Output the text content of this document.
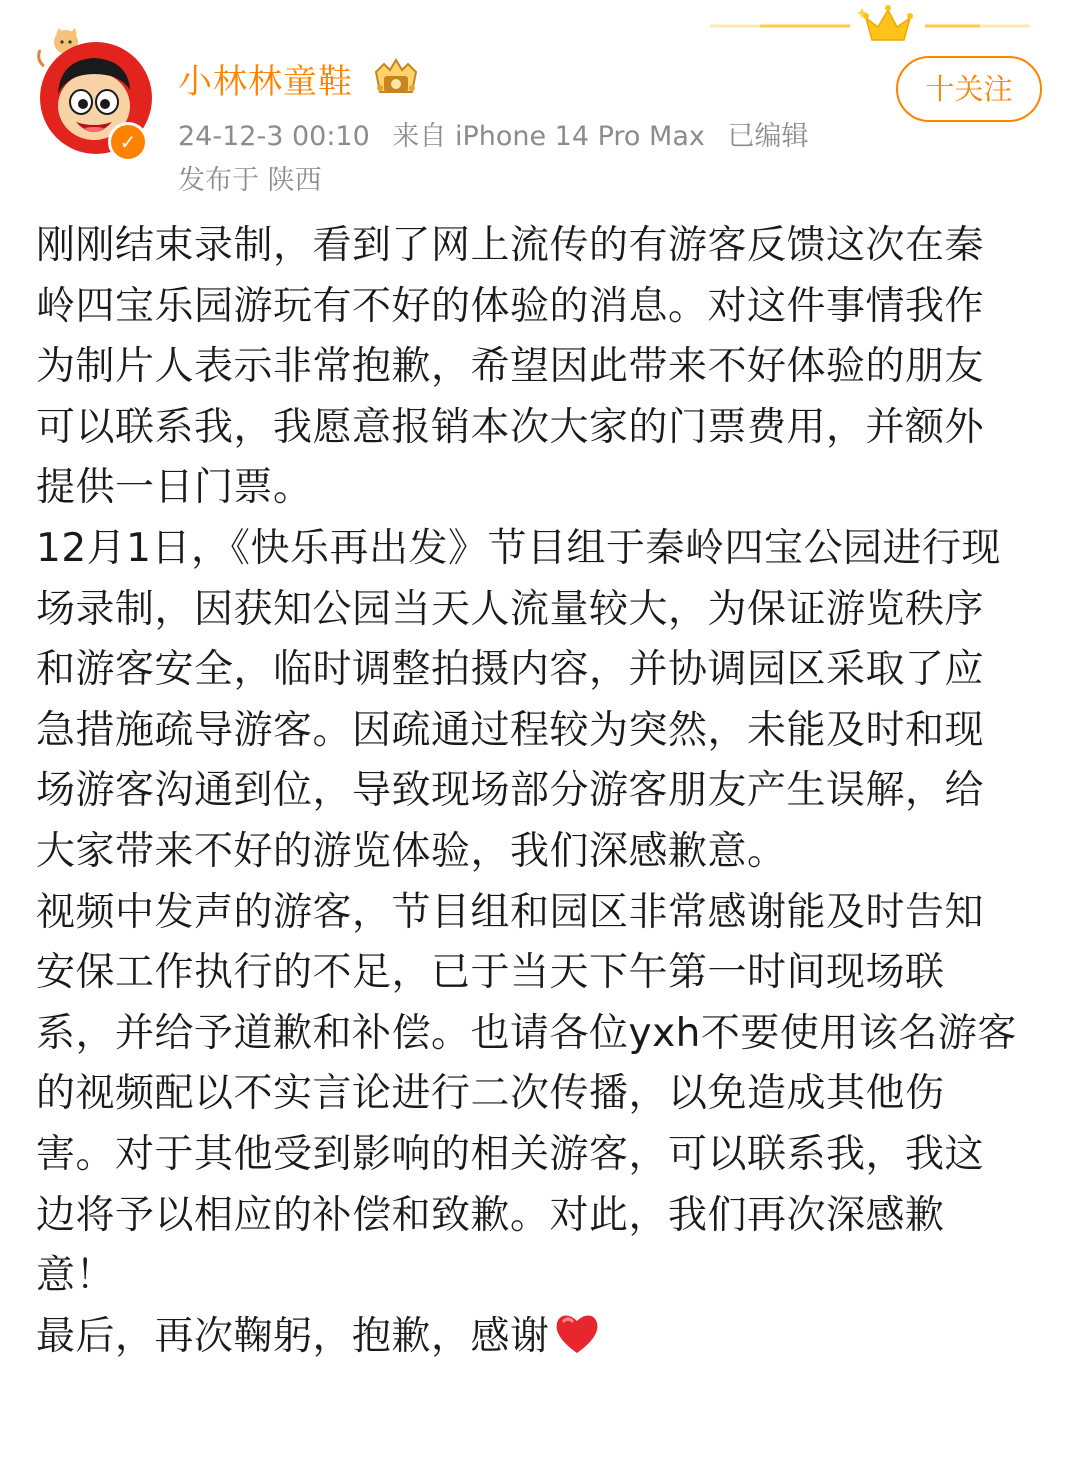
✓
小林林童鞋
24-12-3 00:10 来自 iPhone 14 Pro Max 已编辑
发布于 陕西
十关注

刚刚结束录制，看到了网上流传的有游客反馈这次在秦岭四宝乐园游玩有不好的体验的消息。对这件事情我作为制片人表示非常抱歉，希望因此带来不好体验的朋友可以联系我，我愿意报销本次大家的门票费用，并额外提供一日门票。

12月1日，《快乐再出发》节目组于秦岭四宝公园进行现场录制，因获知公园当天人流量较大，为保证游览秩序和游客安全，临时调整拍摄内容，并协调园区采取了应急措施疏导游客。因疏通过程较为突然，未能及时和现场游客沟通到位，导致现场部分游客朋友产生误解，给大家带来不好的游览体验，我们深感歉意。

视频中发声的游客，节目组和园区非常感谢能及时告知安保工作执行的不足，已于当天下午第一时间现场联系，并给予道歉和补偿。也请各位yxh不要使用该名游客的视频配以不实言论进行二次传播，以免造成其他伤害。对于其他受到影响的相关游客，可以联系我，我这边将予以相应的补偿和致歉。对此，我们再次深感歉意！

最后，再次鞠躬，抱歉，感谢
